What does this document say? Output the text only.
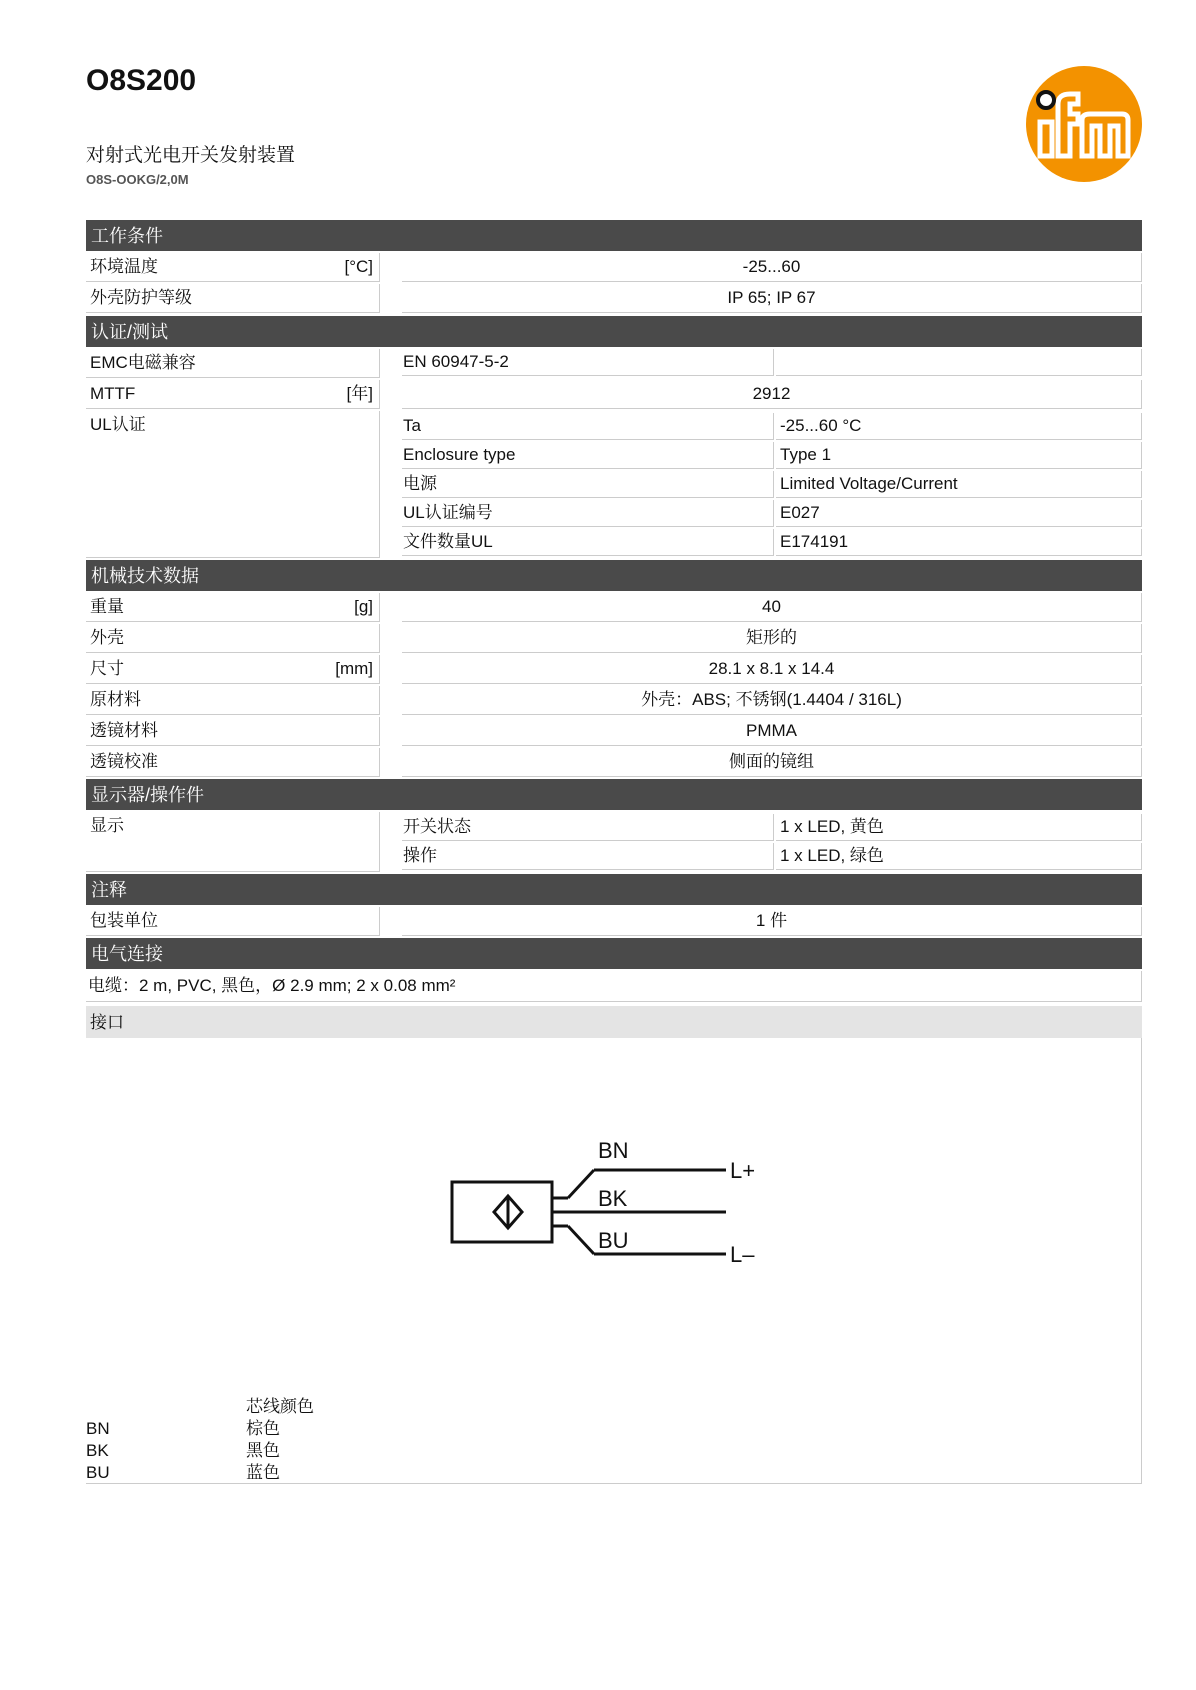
O8S200
对射式光电开关发射装置
O8S-OOKG/2,0M
工作条件
环境温度	[°C]	-25...60
外壳防护等级	IP 65; IP 67
认证/测试
EMC电磁兼容	EN 60947-5-2
MTTF	[年]	2912
UL认证	Ta	-25...60 °C
Enclosure type	Type 1
电源	Limited Voltage/Current
UL认证编号	E027
文件数量UL	E174191
机械技术数据
重量	[g]	40
外壳	矩形的
尺寸	[mm]	28.1 x 8.1 x 14.4
原材料	外壳：ABS; 不锈钢(1.4404 / 316L)
透镜材料	PMMA
透镜校准	侧面的镜组
显示器/操作件
显示	开关状态	1 x LED, 黄色
操作	1 x LED, 绿色
注释
包装单位	1 件
电气连接
电缆：2 m, PVC, 黑色，Ø 2.9 mm; 2 x 0.08 mm²
接口
BN
BK
BU
L+
L–
芯线颜色
BN	棕色
BK	黑色
BU	蓝色
